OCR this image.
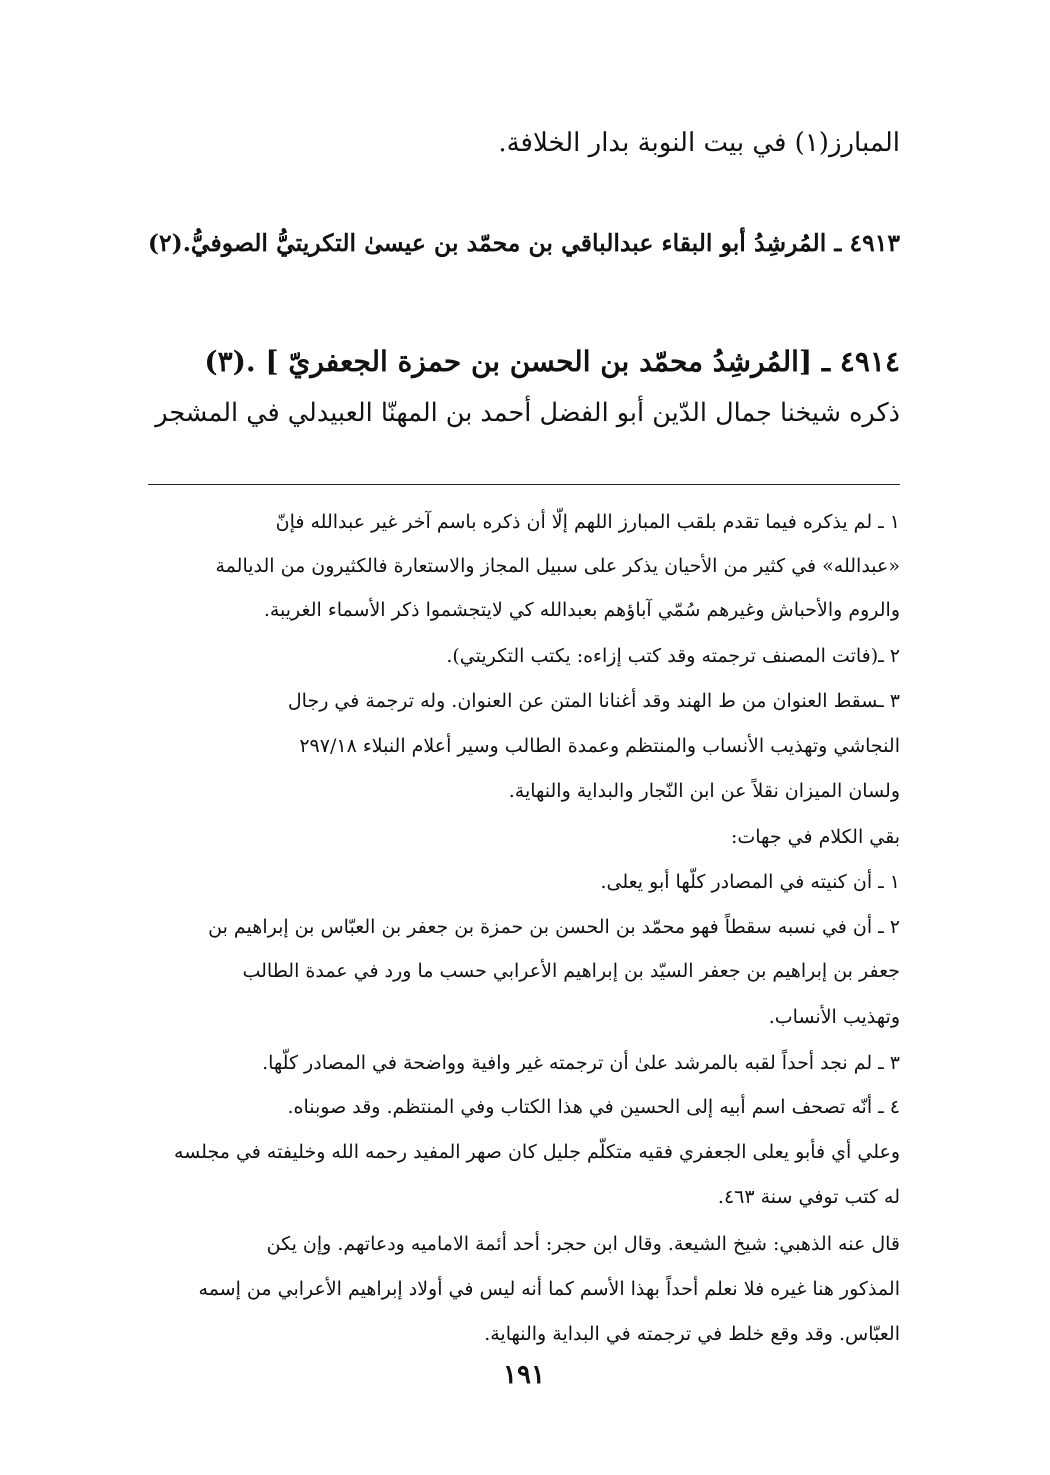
المبارز(١) في بيت النوبة بدار الخلافة.
٤٩١٣ ـ المُرشِدُ أبو البقاء عبدالباقي بن محمّد بن عيسىٰ التكريتيُّ الصوفيُّ.(٢)
٤٩١٤ ـ [المُرشِدُ محمّد بن الحسن بن حمزة الجعفريّ ] .(٣)
ذكره شيخنا جمال الدّين أبو الفضل أحمد بن المهنّا العبيدلي في المشجر
١ ـ لم يذكره فيما تقدم بلقب المبارز اللهم إلّا أن ذكره باسم آخر غير عبدالله فإنّ
«عبدالله» في كثير من الأحيان يذكر على سبيل المجاز والاستعارة فالكثيرون من الديالمة
والروم والأحباش وغيرهم سُمّي آباؤهم بعبدالله كي لايتجشموا ذكر الأسماء الغريبة.
٢ ـ(فاتت المصنف ترجمته وقد كتب إزاءه: يكتب التكريتي).
٣ ـسقط العنوان من ط الهند وقد أغنانا المتن عن العنوان. وله ترجمة في رجال
النجاشي وتهذيب الأنساب والمنتظم وعمدة الطالب وسير أعلام النبلاء ٢٩٧/١٨
ولسان الميزان نقلاً عن ابن النّجار والبداية والنهاية.
بقي الكلام في جهات:
١ ـ أن كنيته في المصادر كلّها أبو يعلى.
٢ ـ أن في نسبه سقطاً فهو محمّد بن الحسن بن حمزة بن جعفر بن العبّاس بن إبراهيم بن
جعفر بن إبراهيم بن جعفر السيّد بن إبراهيم الأعرابي حسب ما ورد في عمدة الطالب
وتهذيب الأنساب.
٣ ـ لم نجد أحداً لقبه بالمرشد علىٰ أن ترجمته غير وافية وواضحة في المصادر كلّها.
٤ ـ أنّه تصحف اسم أبيه إلى الحسين في هذا الكتاب وفي المنتظم. وقد صوبناه.
وعلي أي فأبو يعلى الجعفري فقيه متكلّم جليل كان صهر المفيد رحمه الله وخليفته في مجلسه
له كتب توفي سنة ٤٦٣.
قال عنه الذهبي: شيخ الشيعة. وقال ابن حجر: أحد أئمة الاماميه ودعاتهم. وإن يكن
المذكور هنا غيره فلا نعلم أحداً بهذا الأسم كما أنه ليس في أولاد إبراهيم الأعرابي من إسمه
العبّاس. وقد وقع خلط في ترجمته في البداية والنهاية.
١٩١
